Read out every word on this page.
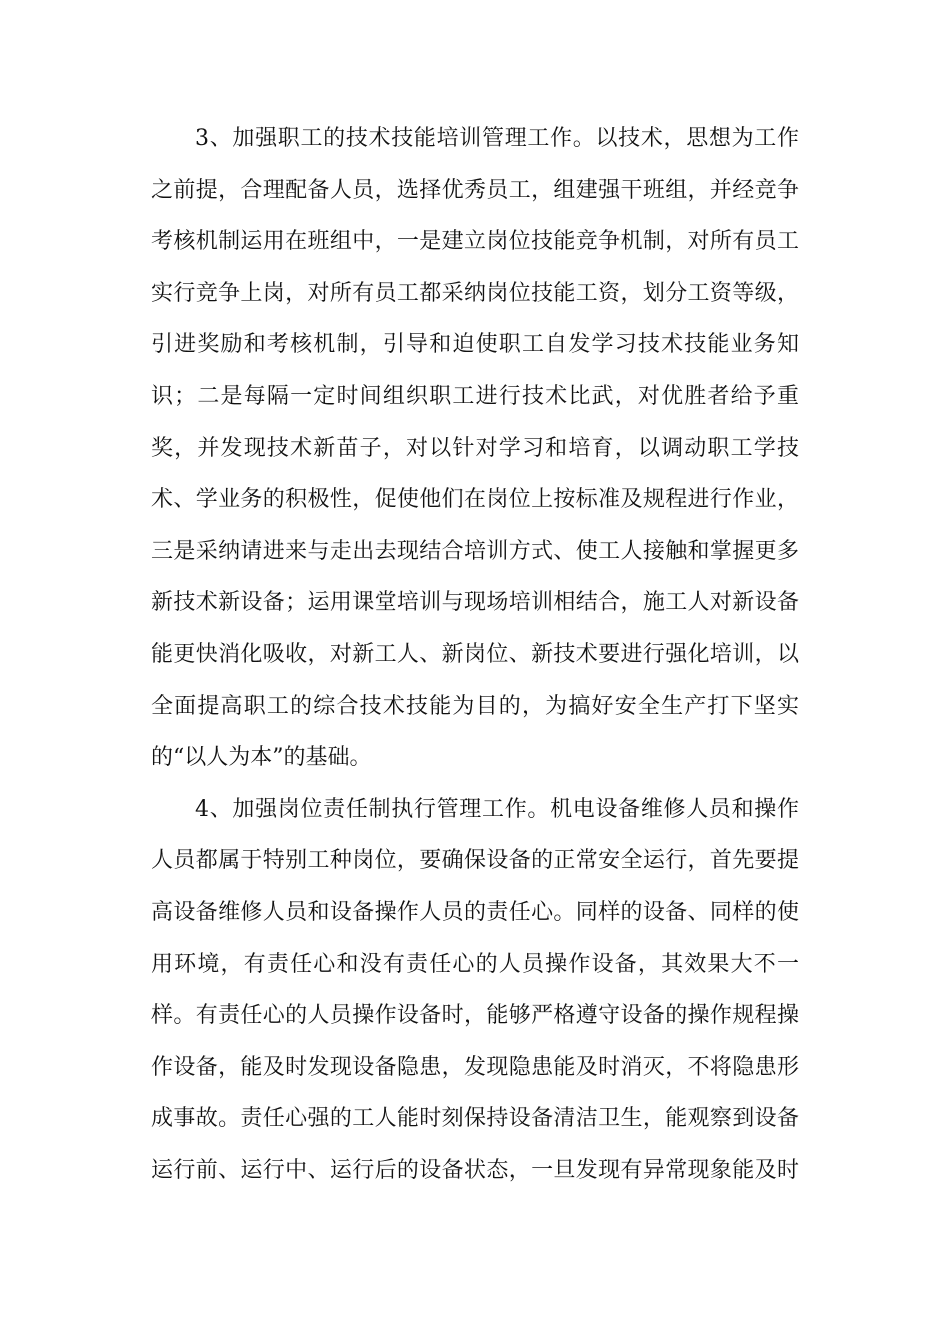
3、加强职工的技术技能培训管理工作。以技术，思想为工作
之前提，合理配备人员，选择优秀员工，组建强干班组，并经竞争
考核机制运用在班组中，一是建立岗位技能竞争机制，对所有员工
实行竞争上岗，对所有员工都采纳岗位技能工资，划分工资等级，
引进奖励和考核机制，引导和迫使职工自发学习技术技能业务知
识；二是每隔一定时间组织职工进行技术比武，对优胜者给予重
奖，并发现技术新苗子，对以针对学习和培育，以调动职工学技
术、学业务的积极性，促使他们在岗位上按标准及规程进行作业，
三是采纳请进来与走出去现结合培训方式、使工人接触和掌握更多
新技术新设备；运用课堂培训与现场培训相结合，施工人对新设备
能更快消化吸收，对新工人、新岗位、新技术要进行强化培训，以
全面提高职工的综合技术技能为目的，为搞好安全生产打下坚实
的“以人为本”的基础。
4、加强岗位责任制执行管理工作。机电设备维修人员和操作
人员都属于特别工种岗位，要确保设备的正常安全运行，首先要提
高设备维修人员和设备操作人员的责任心。同样的设备、同样的使
用环境，有责任心和没有责任心的人员操作设备，其效果大不一
样。有责任心的人员操作设备时，能够严格遵守设备的操作规程操
作设备，能及时发现设备隐患，发现隐患能及时消灭，不将隐患形
成事故。责任心强的工人能时刻保持设备清洁卫生，能观察到设备
运行前、运行中、运行后的设备状态，一旦发现有异常现象能及时
